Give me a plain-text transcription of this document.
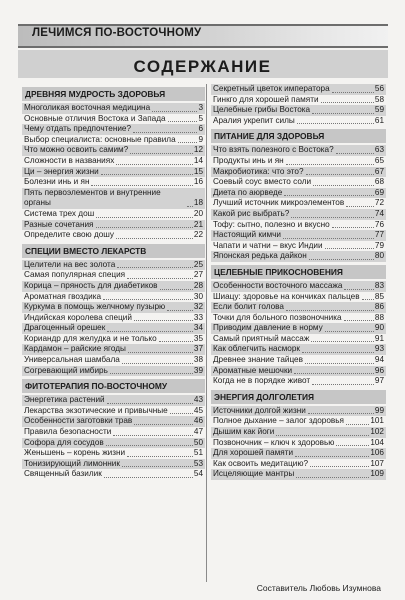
ЛЕЧИМСЯ ПО-ВОСТОЧНОМУ
СОДЕРЖАНИЕ
ДРЕВНЯЯ МУДРОСТЬ ЗДОРОВЬЯ
Многоликая восточная медицина	3
Основные отличия Востока и Запада	5
Чему отдать предпочтение?	6
Выбор специалиста: основные правила	9
Что можно освоить самим?	12
Сложности в названиях	14
Ци – энергия жизни	15
Болезни инь и ян	16
Пять первоэлементов и внутренние органы	18
Система трех дош	20
Разные сочетания	21
Определите свою дошу	22
СПЕЦИИ ВМЕСТО ЛЕКАРСТВ
Целители на вес золота	25
Самая популярная специя	27
Корица – пряность для диабетиков	28
Ароматная гвоздика	30
Куркума в помощь желчному пузырю	32
Индийская королева специй	33
Драгоценный орешек	34
Кориандр для желудка и не только	35
Кардамон – райские ягоды	37
Универсальная шамбала	38
Согревающий имбирь	39
ФИТОТЕРАПИЯ ПО-ВОСТОЧНОМУ
Энергетика растений	43
Лекарства экзотические и привычные	45
Особенности заготовки трав	46
Правила безопасности	47
Софора для сосудов	50
Женьшень – корень жизни	51
Тонизирующий лимонник	53
Священный базилик	54
Секретный цветок императора	56
Гинкго для хорошей памяти	58
Целебные грибы Востока	59
Аралия укрепит силы	61
ПИТАНИЕ ДЛЯ ЗДОРОВЬЯ
Что взять полезного с Востока?	63
Продукты инь и ян	65
Макробиотика: что это?	67
Соевый соус вместо соли	68
Диета по аюрведе	69
Лучший источник микроэлементов	72
Какой рис выбрать?	74
Тофу: сытно, полезно и вкусно	76
Настоящий кимчи	77
Чапати и чатни – вкус Индии	79
Японская редька дайкон	80
ЦЕЛЕБНЫЕ ПРИКОСНОВЕНИЯ
Особенности восточного массажа	83
Шиацу: здоровье на кончиках пальцев 85
Если болит голова	86
Точки для больного позвоночника	88
Приводим давление в норму	90
Самый приятный массаж	91
Как облегчить насморк	93
Древнее знание тайцев	94
Ароматные мешочки	96
Когда не в порядке живот	97
ЭНЕРГИЯ ДОЛГОЛЕТИЯ
Источники долгой жизни	99
Полное дыхание – залог здоровья	101
Дышим как йоги	102
Позвоночник – ключ к здоровью	104
Для хорошей памяти	106
Как освоить медитацию?	107
Исцеляющие мантры	109
Составитель Любовь Изумнова
